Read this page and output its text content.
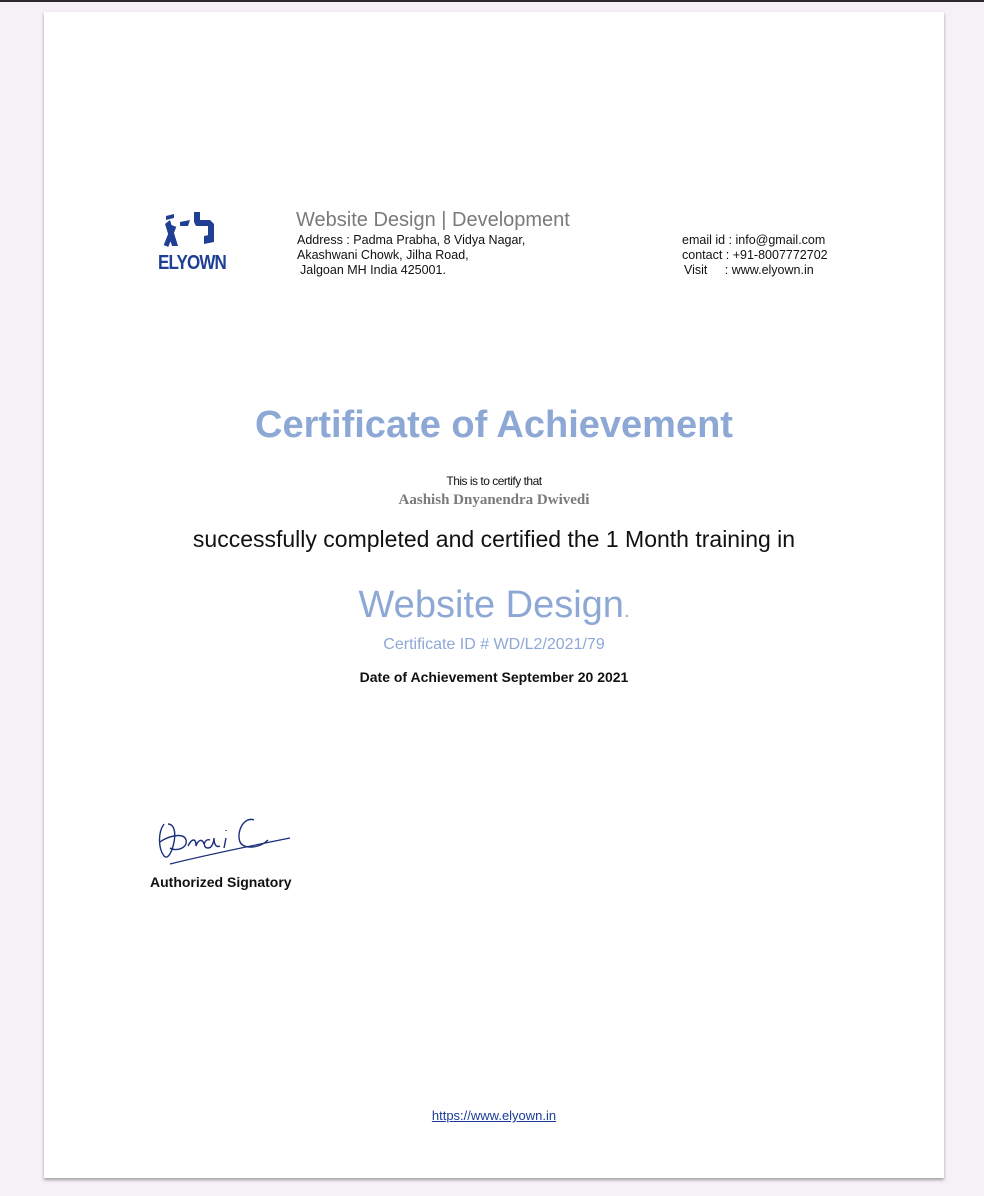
ELYOWN
Website Design | Development
Address : Padma Prabha, 8 Vidya Nagar,
Akashwani Chowk, Jilha Road,
Jalgoan MH India 425001.
email id : info@gmail.com
contact : +91-8007772702
Visit     : www.elyown.in
Certificate of Achievement
This is to certify that
Aashish Dnyanendra Dwivedi
successfully completed and certified the 1 Month training in
Website Design.
Certificate ID # WD/L2/2021/79
Date of Achievement September 20 2021
Authorized Signatory
https://www.elyown.in
